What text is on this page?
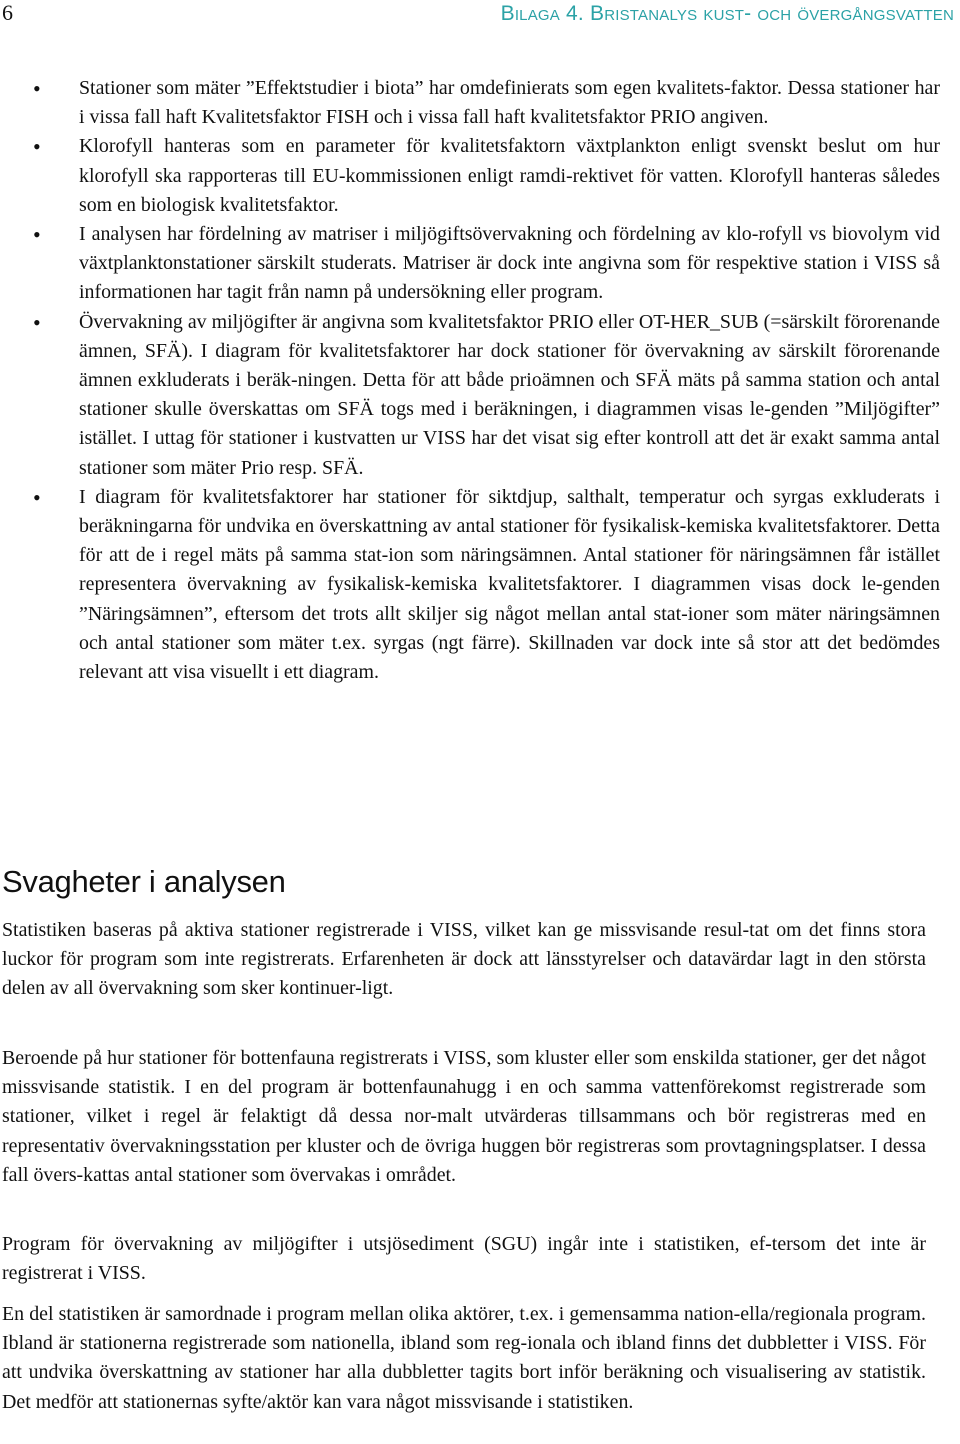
6	Bilaga 4. Bristanalys kust- och övergångsvatten
• Stationer som mäter ”Effektstudier i biota” har omdefinierats som egen kvalitets-faktor. Dessa stationer har i vissa fall haft Kvalitetsfaktor FISH och i vissa fall haft kvalitetsfaktor PRIO angiven.
• Klorofyll hanteras som en parameter för kvalitetsfaktorn växtplankton enligt svenskt beslut om hur klorofyll ska rapporteras till EU-kommissionen enligt ramdi-rektivet för vatten. Klorofyll hanteras således som en biologisk kvalitetsfaktor.
• I analysen har fördelning av matriser i miljögiftsövervakning och fördelning av klo-rofyll vs biovolym vid växtplanktonstationer särskilt studerats. Matriser är dock inte angivna som för respektive station i VISS så informationen har tagit från namn på undersökning eller program.
• Övervakning av miljögifter är angivna som kvalitetsfaktor PRIO eller OT-HER_SUB (=särskilt förorenande ämnen, SFÄ). I diagram för kvalitetsfaktorer har dock stationer för övervakning av särskilt förorenande ämnen exkluderats i beräk-ningen. Detta för att både prioämnen och SFÄ mäts på samma station och antal stationer skulle överskattas om SFÄ togs med i beräkningen, i diagrammen visas le-genden ”Miljögifter” istället. I uttag för stationer i kustvatten ur VISS har det visat sig efter kontroll att det är exakt samma antal stationer som mäter Prio resp. SFÄ.
• I diagram för kvalitetsfaktorer har stationer för siktdjup, salthalt, temperatur och syrgas exkluderats i beräkningarna för undvika en överskattning av antal stationer för fysikalisk-kemiska kvalitetsfaktorer. Detta för att de i regel mäts på samma stat-ion som näringsämnen. Antal stationer för näringsämnen får istället representera övervakning av fysikalisk-kemiska kvalitetsfaktorer. I diagrammen visas dock le-genden ”Näringsämnen”, eftersom det trots allt skiljer sig något mellan antal stat-ioner som mäter näringsämnen och antal stationer som mäter t.ex. syrgas (ngt färre). Skillnaden var dock inte så stor att det bedömdes relevant att visa visuellt i ett diagram.
Svagheter i analysen

Statistiken baseras på aktiva stationer registrerade i VISS, vilket kan ge missvisande resul-tat om det finns stora luckor för program som inte registrerats. Erfarenheten är dock att länsstyrelser och datavärdar lagt in den största delen av all övervakning som sker kontinuer-ligt.

Beroende på hur stationer för bottenfauna registrerats i VISS, som kluster eller som enskilda stationer, ger det något missvisande statistik. I en del program är bottenfaunahugg i en och samma vattenförekomst registrerade som stationer, vilket i regel är felaktigt då dessa nor-malt utvärderas tillsammans och bör registreras med en representativ övervakningsstation per kluster och de övriga huggen bör registreras som provtagningsplatser. I dessa fall övers-kattas antal stationer som övervakas i området.

Program för övervakning av miljögifter i utsjösediment (SGU) ingår inte i statistiken, ef-tersom det inte är registrerat i VISS.

En del statistiken är samordnade i program mellan olika aktörer, t.ex. i gemensamma nation-ella/regionala program. Ibland är stationerna registrerade som nationella, ibland som reg-ionala och ibland finns det dubbletter i VISS. För att undvika överskattning av stationer har alla dubbletter tagits bort inför beräkning och visualisering av statistik. Det medför att stationernas syfte/aktör kan vara något missvisande i statistiken.
